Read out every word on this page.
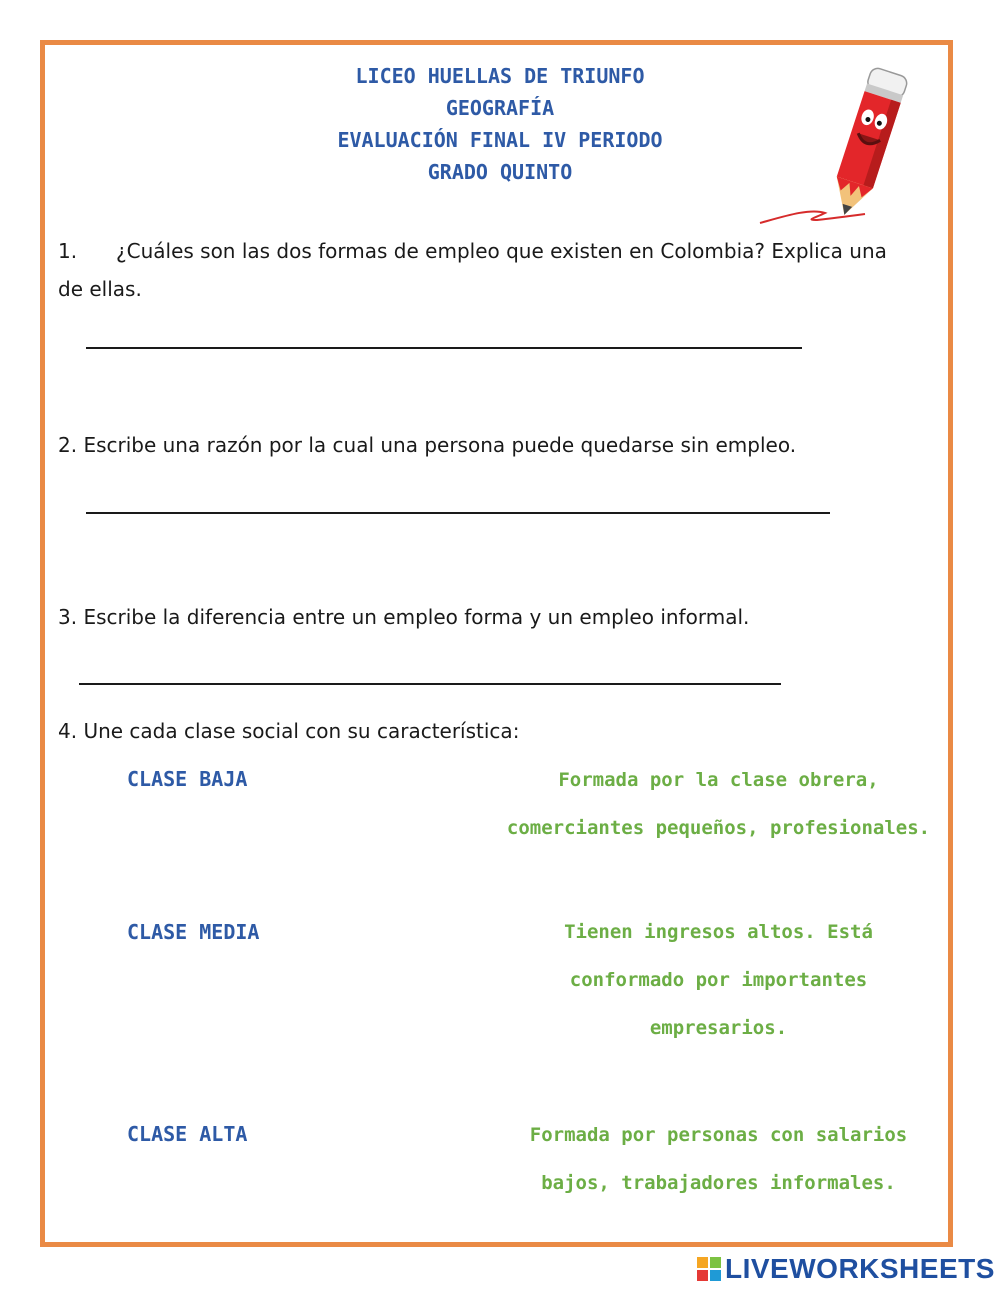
LICEO HUELLAS DE TRIUNFO
GEOGRAFÍA
EVALUACIÓN FINAL IV PERIODO
GRADO QUINTO
1. ¿Cuáles son las dos formas de empleo que existen en Colombia? Explica una de ellas.
2. Escribe una razón por la cual una persona puede quedarse sin empleo.
3. Escribe la diferencia entre un empleo forma y un empleo informal.
4. Une cada clase social con su característica:
CLASE BAJA	Formada por la clase obrera,
comerciantes pequeños, profesionales.
CLASE MEDIA	Tienen ingresos altos. Está
conformado por importantes
empresarios.
CLASE ALTA	Formada por personas con salarios
bajos, trabajadores informales.
LIVEWORKSHEETS
